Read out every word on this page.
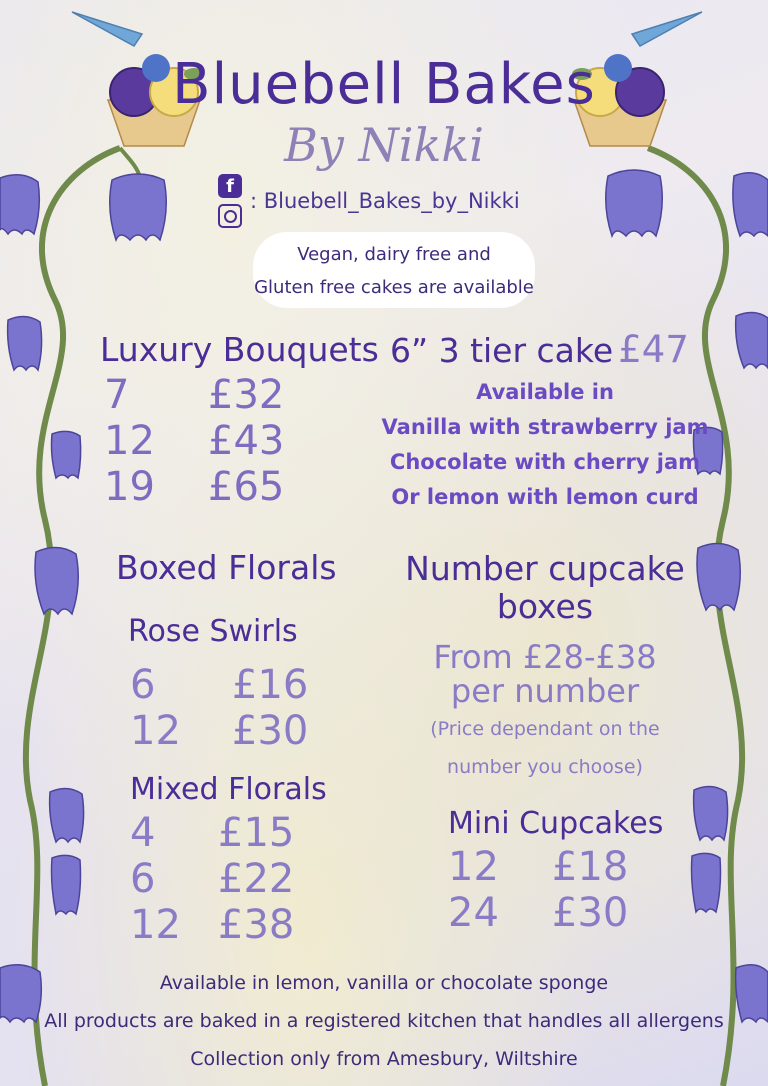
Bluebell Bakes
By Nikki
f
: Bluebell_Bakes_by_Nikki
Vegan, dairy free and
Gluten free cakes are available
Luxury Bouquets
7	£32
12	£43
19	£65
6” 3 tier cake £47
Available in
Vanilla with strawberry jam
Chocolate with cherry jam
Or lemon with lemon curd
Boxed Florals
Rose Swirls
6	£16
12	£30
Mixed Florals
4	£15
6	£22
12 £38
Number cupcake
boxes
From £28-£38
per number
(Price dependant on the
number you choose)
Mini Cupcakes
12	£18
24	£30
Available in lemon, vanilla or chocolate sponge
All products are baked in a registered kitchen that handles all allergens
Collection only from Amesbury, Wiltshire
